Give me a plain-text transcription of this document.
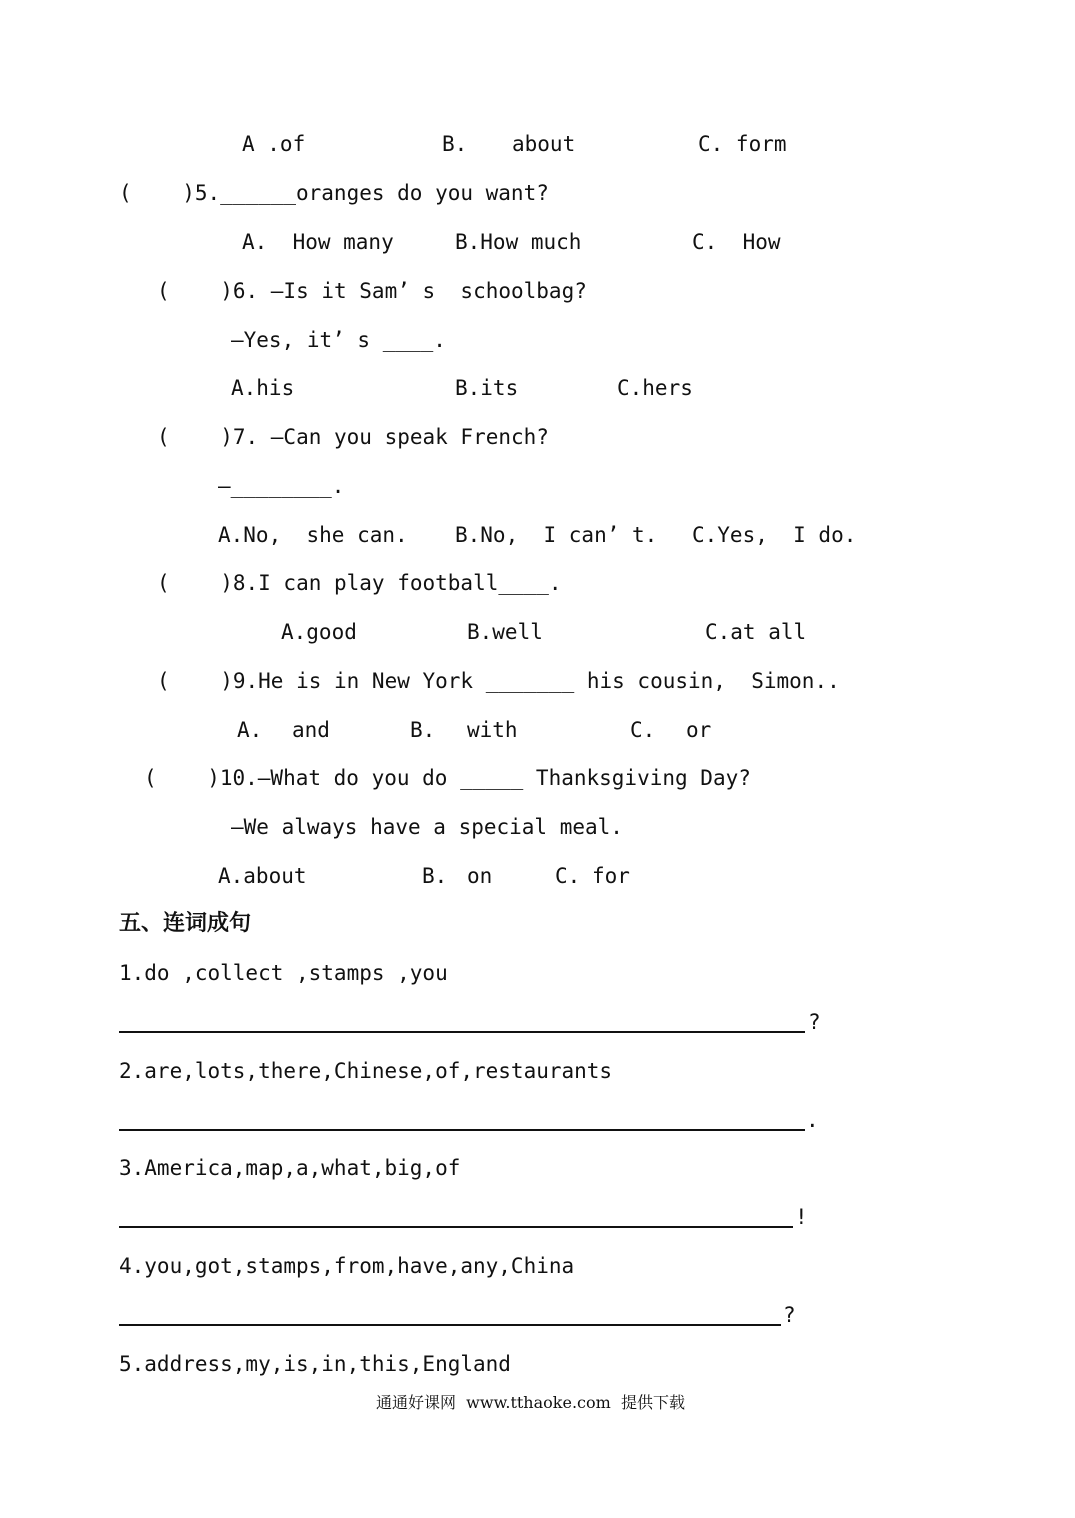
A .of	B. about	C. form
(    )5.______oranges do you want?
A.  How many	B.How much	C.  How
(    )6. —Is it Sam’ s  schoolbag?
—Yes, it’ s ____.
A.his	B.its	C.hers
(    )7. —Can you speak French?
—________.
A.No,  she can. B.No,  I can’ t. C.Yes,  I do.
(    )8.I can play football____.
A.good	B.well	C.at all
(    )9.He is in New York _______ his cousin,  Simon..
A. and	B. with	C. or
(    )10.—What do you do _____ Thanksgiving Day?
—We always have a special meal.
A.about	B. on	C. for
五、连词成句
1.do ,collect ,stamps ,you
?
2.are,lots,there,Chinese,of,restaurants
.
3.America,map,a,what,big,of
!
4.you,got,stamps,from,have,any,China
?
5.address,my,is,in,this,England
通通好课网  www.tthaoke.com  提供下载
